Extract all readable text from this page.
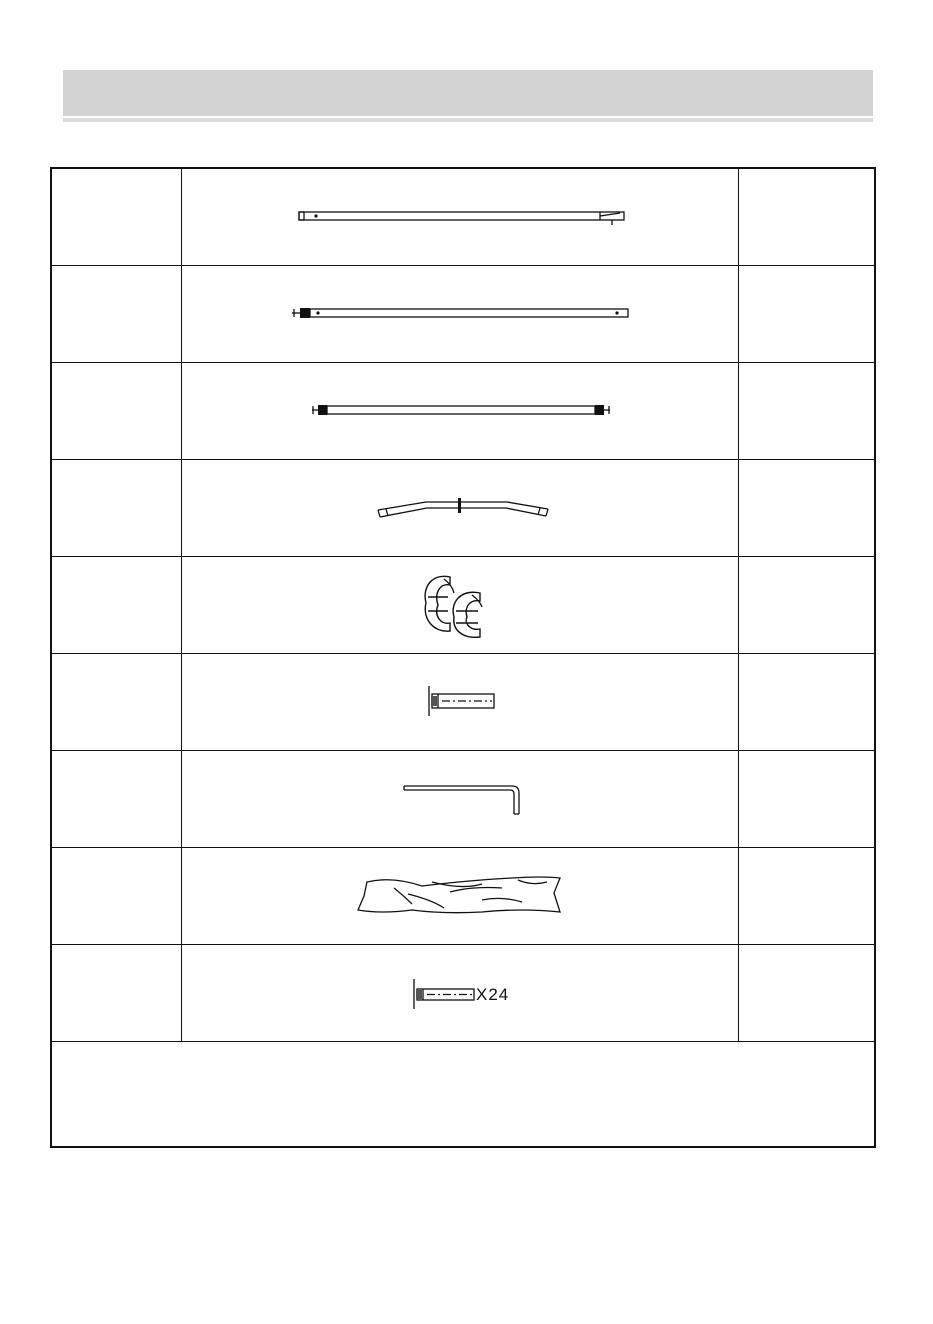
X24
